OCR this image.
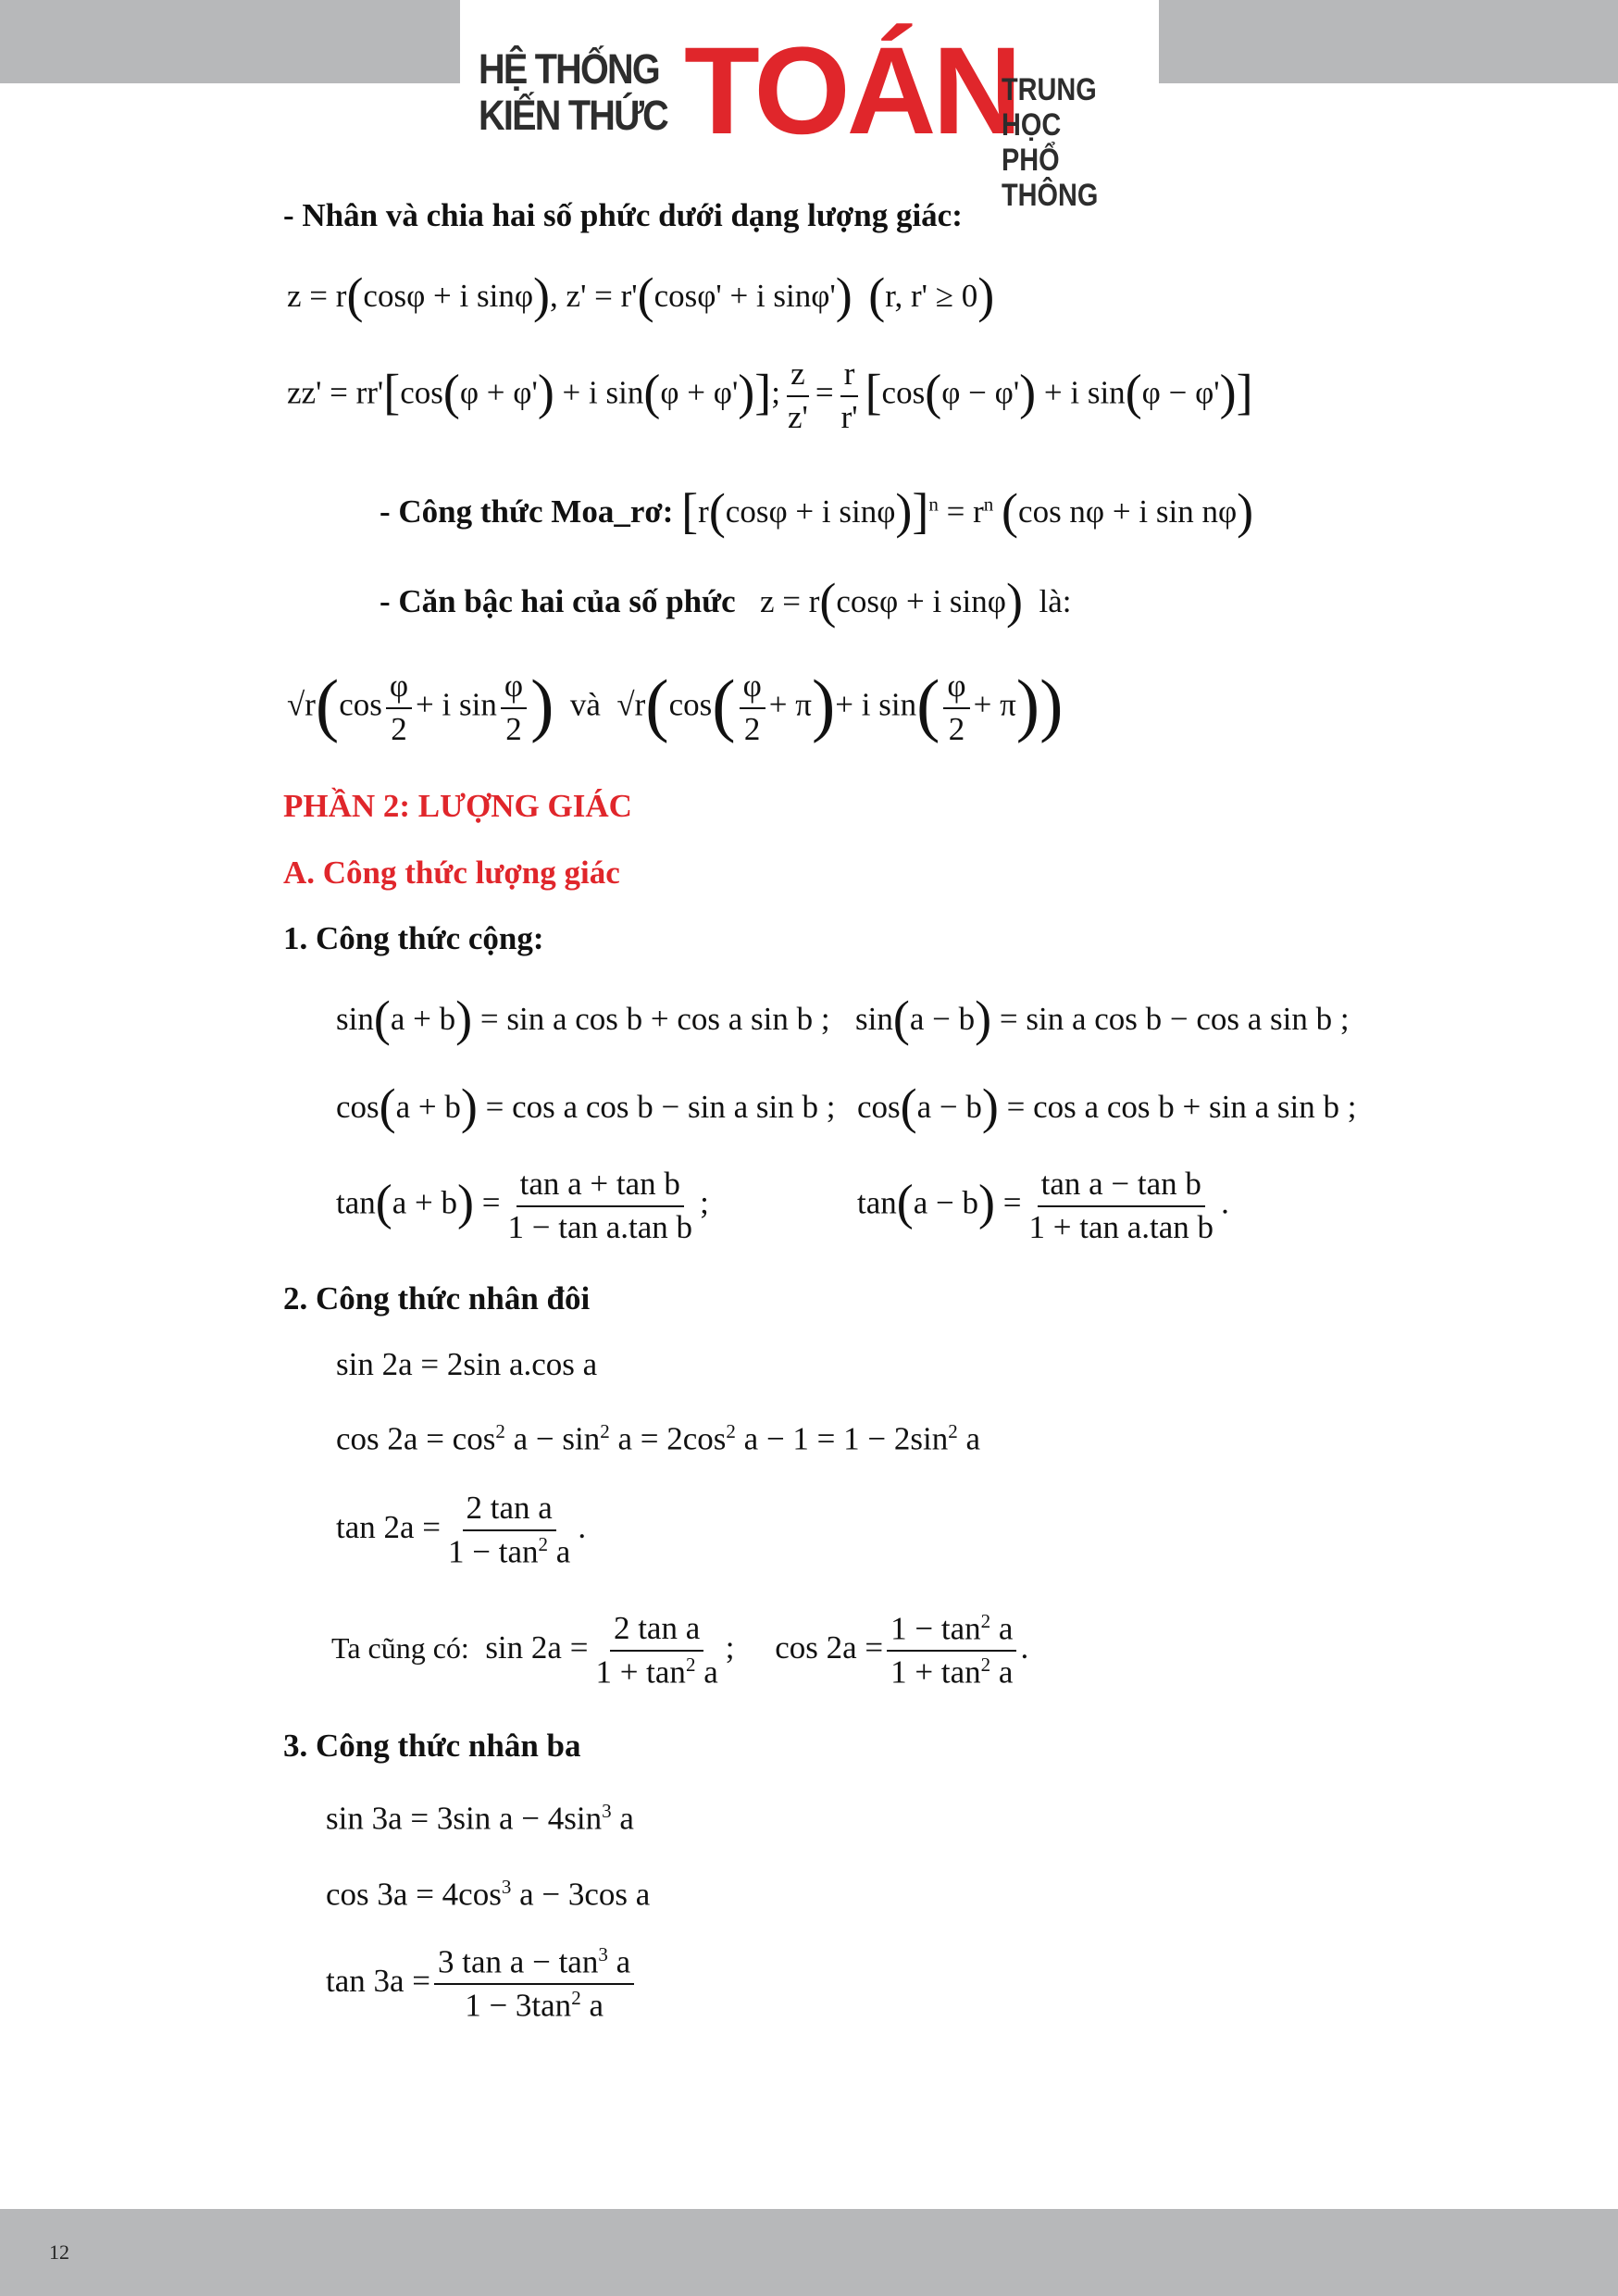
HỆ THỐNG
KIẾN THỨC TOÁN
TRUNG HỌC
PHỔ THÔNG
- Nhân và chia hai số phức dưới dạng lượng giác:
z = r(cosφ + i sinφ), z' = r'(cosφ' + i sinφ') (r, r' ≥ 0)
zz' = rr'[cos(φ + φ') + i sin(φ + φ')]; $\frac{z}{z'} = \frac{r}{r'} [\cos(\varphi - \varphi') + i$ sin(φ − φ')]
- Công thức Moa_rơ: [r(cosφ + i $\sin\varphi)]^n = r^n$ (cos nφ + i sin nφ)
- Căn bậc hai của số phức   z = r(cosφ + i sinφ) là:
$√r(\cos \frac{\varphi}{2} + i$ $\sin \frac{\varphi}{2}$ ) và  $√r(\cos( \frac{\varphi}{2} + \pi)+ i$ $\sin( \frac{\varphi}{2} + \pi)$)
PHẦN 2: LƯỢNG GIÁC
A. Công thức lượng giác
1. Công thức cộng:
sin(a + b) = sin a cos b + cos a sin b ; sin(a − b) = sin a cos b − cos a sin b ;
cos(a + b) = cos a cos b − sin a sin b ; cos(a − b) = cos a cos b + sin a sin b ;
$\tan(a + b) = \frac{\text{tan a + tan b}}{\text{1 − tan a.tan b}}$ ;	$\tan(a - b) = \frac{\text{tan a − tan b}}{\text{1 + tan a.tan b}}$ .
2. Công thức nhân đôi
sin 2a = 2sin a.cos a
$\cos 2a = \cos^2 a - \sin^2 a = 2\cos^2$ $a - 1 = 1 - 2\sin^2$ a
$\tan 2a = \frac{\text{2 tan a}}{1 - \tan^2 a}$ .
Ta cũng có:  $\sin 2a = \frac{\text{2 tan a}}{1 + \tan^2 a}$ ;     $\cos 2a = \frac{1 - \tan^2 a}{1 + \tan^2 a}$ .
3. Công thức nhân ba
sin 3a = 3sin $a - 4\sin^3$ a
$\cos 3a = 4\cos^3$ a − 3cos a
$\tan 3a = \frac{3 \tan a - \tan^3 a}{1 - 3\tan^2 a}$
12
